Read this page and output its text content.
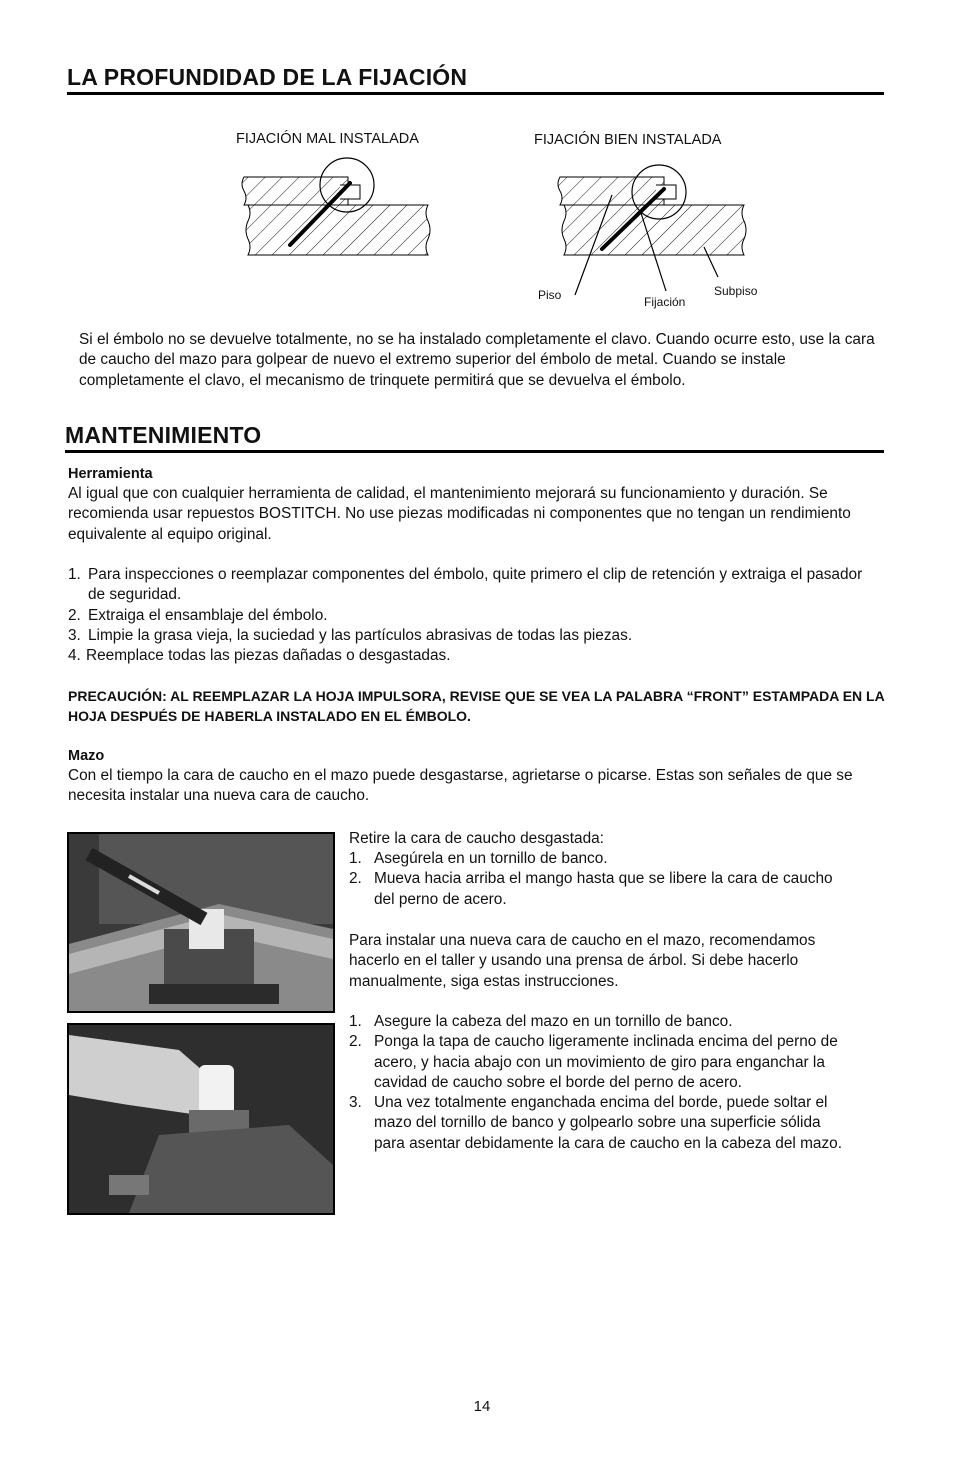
LA PROFUNDIDAD DE LA FIJACIÓN
FIJACIÓN MAL INSTALADA	FIJACIÓN BIEN INSTALADA
Piso	Fijación
Subpiso

Si el émbolo no se devuelve totalmente, no se ha instalado completamente el clavo. Cuando ocurre esto, use la cara de caucho del mazo para golpear de nuevo el extremo superior del émbolo de metal. Cuando se instale completamente el clavo, el mecanismo de trinquete permitirá que se devuelva el émbolo.

MANTENIMIENTO
Herramienta

Al igual que con cualquier herramienta de calidad, el mantenimiento mejorará su funcionamiento y duración. Se recomienda usar repuestos BOSTITCH. No use piezas modificadas ni componentes que no tengan un rendimiento equivalente al equipo original.

1. Para inspecciones o reemplazar componentes del émbolo, quite primero el clip de retención y extraiga el pasador de seguridad.
2. Extraiga el ensamblaje del émbolo.
3. Limpie la grasa vieja, la suciedad y las partículos abrasivas de todas las piezas.
4. Reemplace todas las piezas dañadas o desgastadas.

PRECAUCIÓN: AL REEMPLAZAR LA HOJA IMPULSORA, REVISE QUE SE VEA LA PALABRA “FRONT” ESTAMPADA EN LA HOJA DESPUÉS DE HABERLA INSTALADO EN EL ÉMBOLO.

Mazo

Con el tiempo la cara de caucho en el mazo puede desgastarse, agrietarse o picarse. Estas son señales de que se necesita instalar una nueva cara de caucho.

Retire la cara de caucho desgastada:
1. Asegúrela en un tornillo de banco.
2. Mueva hacia arriba el mango hasta que se libere la cara de caucho del perno de acero.

Para instalar una nueva cara de caucho en el mazo, recomendamos hacerlo en el taller y usando una prensa de árbol. Si debe hacerlo manualmente, siga estas instrucciones.

1. Asegure la cabeza del mazo en un tornillo de banco.
2. Ponga la tapa de caucho ligeramente inclinada encima del perno de acero, y hacia abajo con un movimiento de giro para enganchar la cavidad de caucho sobre el borde del perno de acero.
3. Una vez totalmente enganchada encima del borde, puede soltar el mazo del tornillo de banco y golpearlo sobre una superficie sólida para asentar debidamente la cara de caucho en la cabeza del mazo.
14
